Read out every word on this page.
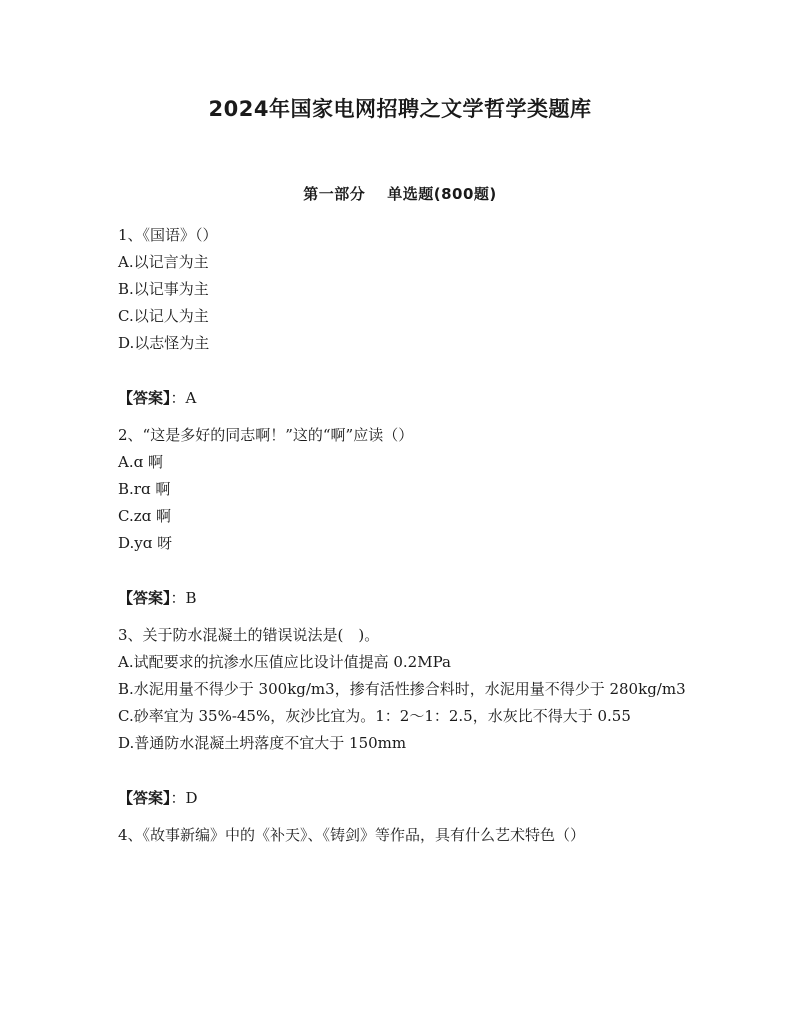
2024年国家电网招聘之文学哲学类题库
第一部分 单选题(800题)
1、《国语》（）
A.以记言为主
B.以记事为主
C.以记人为主
D.以志怪为主
【答案】：A
2、“这是多好的同志啊！”这的“啊”应读（）
A.ɑ 啊
B.rɑ 啊
C.zɑ 啊
D.yɑ 呀
【答案】：B
3、关于防水混凝土的错误说法是(　)。
A.试配要求的抗渗水压值应比设计值提高 0.2MPa
B.水泥用量不得少于 300kg/m3，掺有活性掺合料时，水泥用量不得少于 280kg/m3
C.砂率宜为 35%-45%，灰沙比宜为。1：2～1：2.5，水灰比不得大于 0.55
D.普通防水混凝土坍落度不宜大于 150mm
【答案】：D
4、《故事新编》中的《补天》、《铸剑》等作品，具有什么艺术特色（）
